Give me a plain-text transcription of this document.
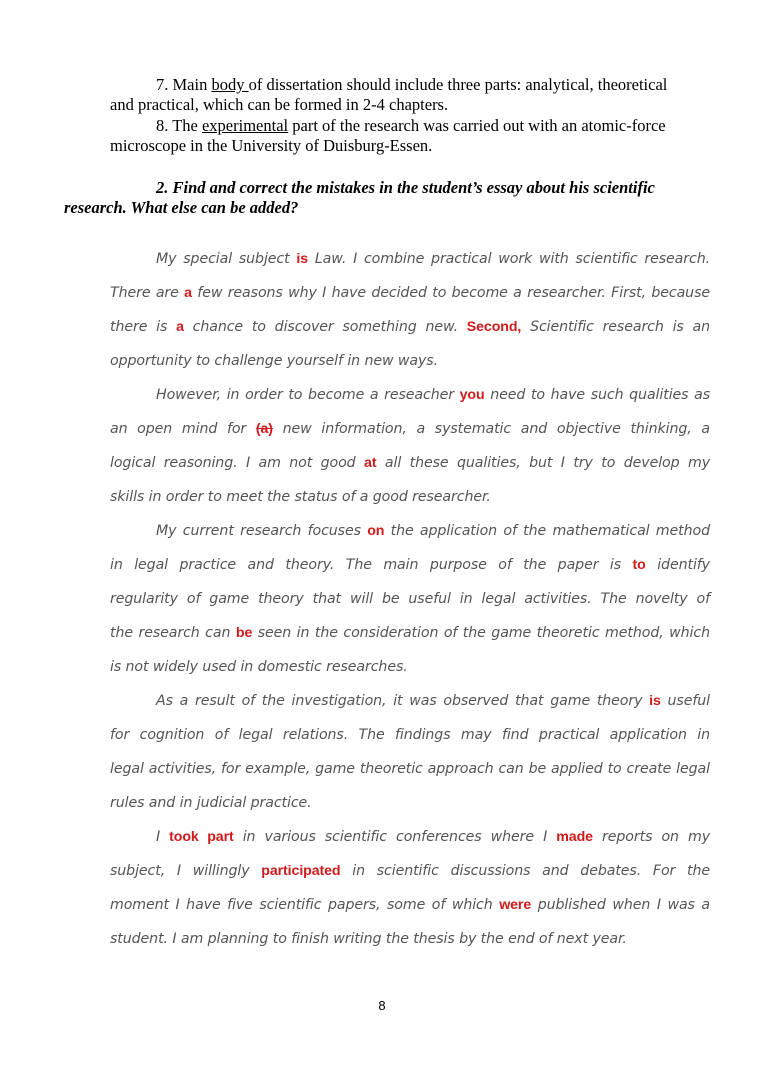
7. Main body of dissertation should include three parts: analytical, theoretical
and practical, which can be formed in 2-4 chapters.
8. The experimental part of the research was carried out with an atomic-force
microscope in the University of Duisburg-Essen.
2. Find and correct the mistakes in the student’s essay about his scientific
research. What else can be added?
My special subject is Law. I combine practical work with scientific research.
There are a few reasons why I have decided to become a researcher. First, because
there is a chance to discover something new. Second, Scientific research is an
opportunity to challenge yourself in new ways.
However, in order to become a reseacher you need to have such qualities as
an open mind for (a) new information, a systematic and objective thinking, a
logical reasoning. I am not good at all these qualities, but I try to develop my
skills in order to meet the status of a good researcher.
My current research focuses on the application of the mathematical method
in legal practice and theory. The main purpose of the paper is to identify
regularity of game theory that will be useful in legal activities. The novelty of
the research can be seen in the consideration of the game theoretic method, which
is not widely used in domestic researches.
As a result of the investigation, it was observed that game theory is useful
for cognition of legal relations. The findings may find practical application in
legal activities, for example, game theoretic approach can be applied to create legal
rules and in judicial practice.
I took part in various scientific conferences where I made reports on my
subject, I willingly participated in scientific discussions and debates. For the
moment I have five scientific papers, some of which were published when I was a
student. I am planning to finish writing the thesis by the end of next year.
8
